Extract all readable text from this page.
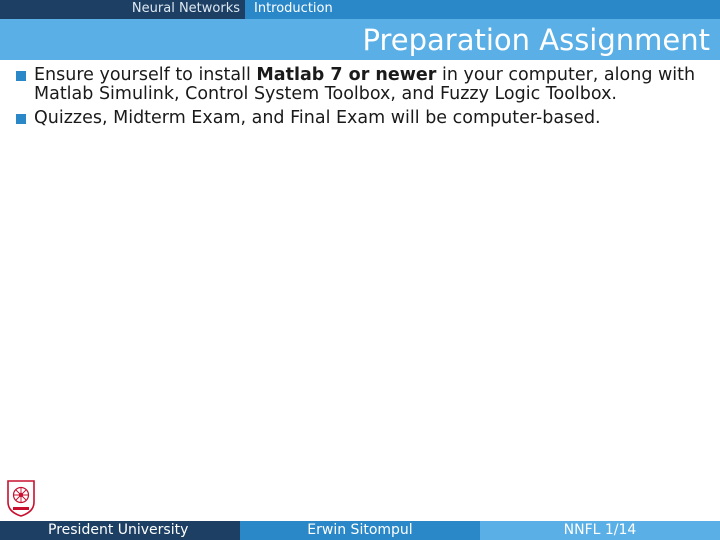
Neural Networks	Introduction
Preparation Assignment
Ensure yourself to install Matlab 7 or newer in your computer, along with Matlab Simulink, Control System Toolbox, and Fuzzy Logic Toolbox.
Quizzes, Midterm Exam, and Final Exam will be computer-based.
President University	Erwin Sitompul	NNFL 1/14
